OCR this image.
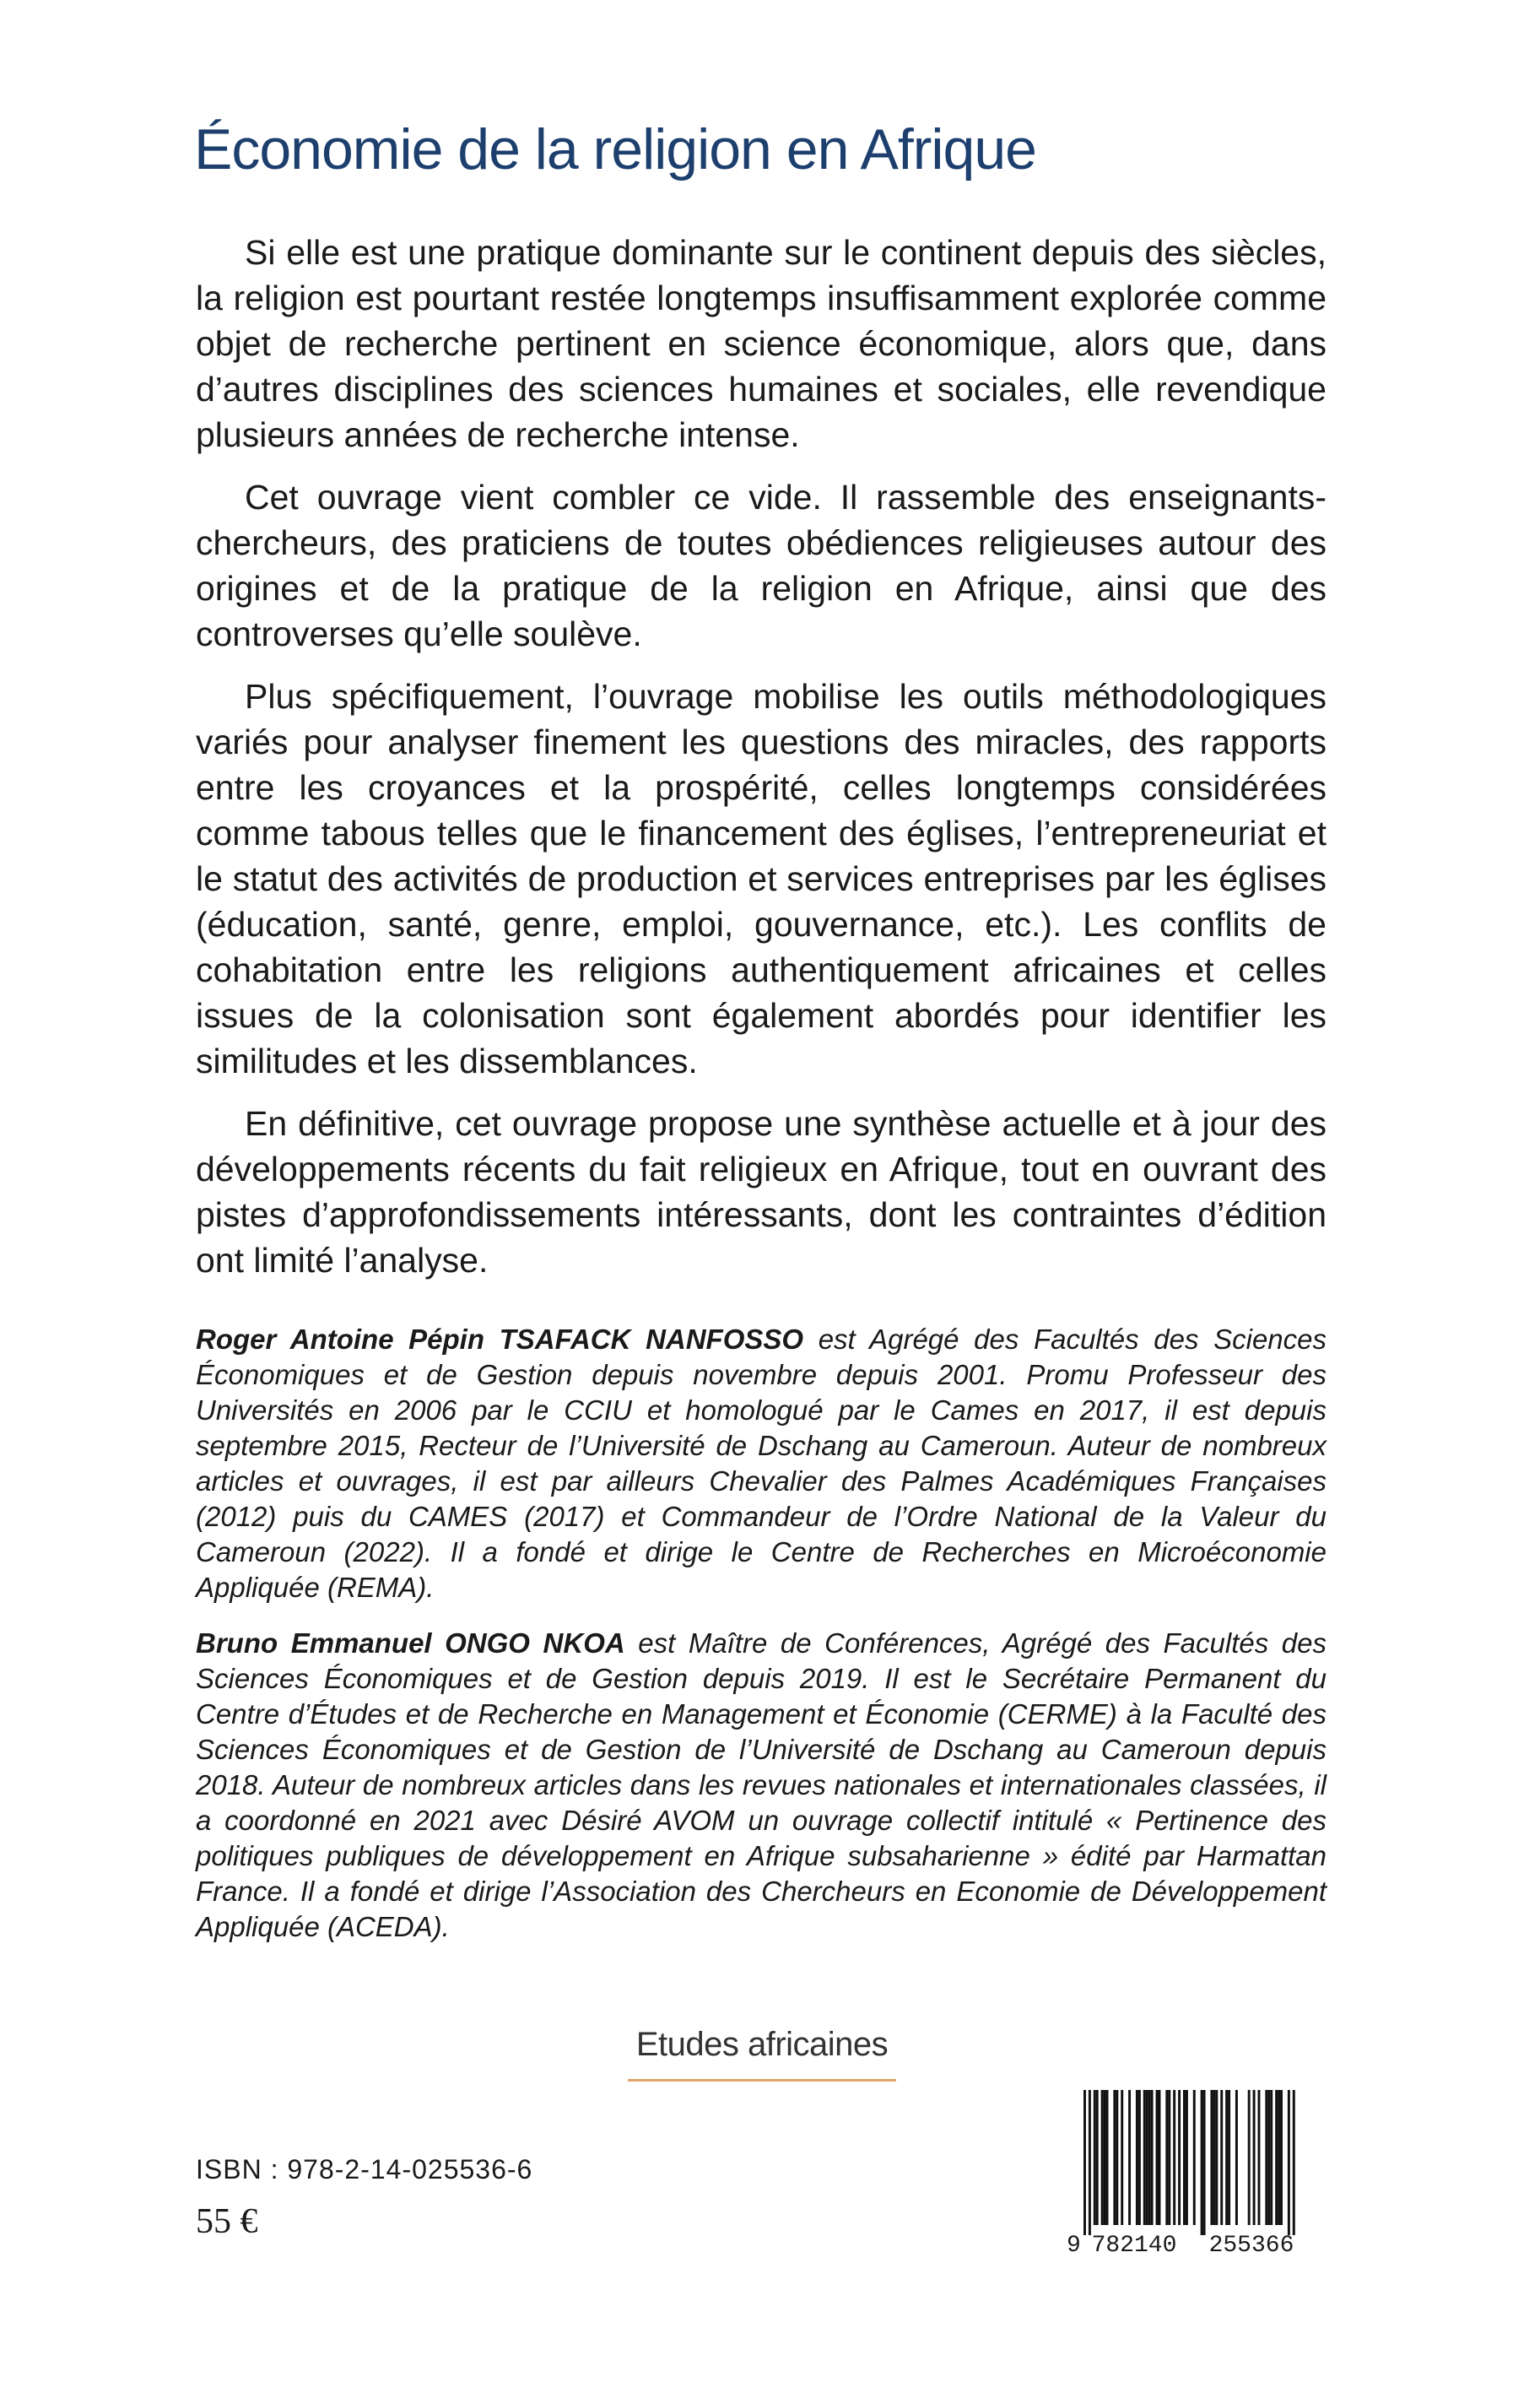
Économie de la religion en Afrique

Si elle est une pratique dominante sur le continent depuis des siècles, la religion est pourtant restée longtemps insuffisamment explorée comme objet de recherche pertinent en science économique, alors que, dans d’autres disciplines des sciences humaines et sociales, elle revendique plusieurs années de recherche intense.

Cet ouvrage vient combler ce vide. Il rassemble des enseignants-chercheurs, des praticiens de toutes obédiences religieuses autour des origines et de la pratique de la religion en Afrique, ainsi que des controverses qu’elle soulève.

Plus spécifiquement, l’ouvrage mobilise les outils méthodologiques variés pour analyser finement les questions des miracles, des rapports entre les croyances et la prospérité, celles longtemps considérées comme tabous telles que le financement des églises, l’entrepreneuriat et le statut des activités de production et services entreprises par les églises (éducation, santé, genre, emploi, gouvernance, etc.). Les conflits de cohabitation entre les religions authentiquement africaines et celles issues de la colonisation sont également abordés pour identifier les similitudes et les dissemblances.

En définitive, cet ouvrage propose une synthèse actuelle et à jour des développements récents du fait religieux en Afrique, tout en ouvrant des pistes d’approfondissements intéressants, dont les contraintes d’édition ont limité l’analyse.

Roger Antoine Pépin TSAFACK NANFOSSO est Agrégé des Facultés des Sciences Économiques et de Gestion depuis novembre depuis 2001. Promu Professeur des Universités en 2006 par le CCIU et homologué par le Cames en 2017, il est depuis septembre 2015, Recteur de l’Université de Dschang au Cameroun. Auteur de nombreux articles et ouvrages, il est par ailleurs Chevalier des Palmes Académiques Françaises (2012) puis du CAMES (2017) et Commandeur de l’Ordre National de la Valeur du Cameroun (2022). Il a fondé et dirige le Centre de Recherches en Microéconomie Appliquée (REMA).

Bruno Emmanuel ONGO NKOA est Maître de Conférences, Agrégé des Facultés des Sciences Économiques et de Gestion depuis 2019. Il est le Secrétaire Permanent du Centre d’Études et de Recherche en Management et Économie (CERME) à la Faculté des Sciences Économiques et de Gestion de l’Université de Dschang au Cameroun depuis 2018. Auteur de nombreux articles dans les revues nationales et internationales classées, il a coordonné en 2021 avec Désiré AVOM un ouvrage collectif intitulé « Pertinence des politiques publiques de développement en Afrique subsaharienne » édité par Harmattan France. Il a fondé et dirige l’Association des Chercheurs en Economie de Développement Appliquée (ACEDA).

Etudes africaines
ISBN : 978-2-14-025536-6
55 €
9 782140 255366
